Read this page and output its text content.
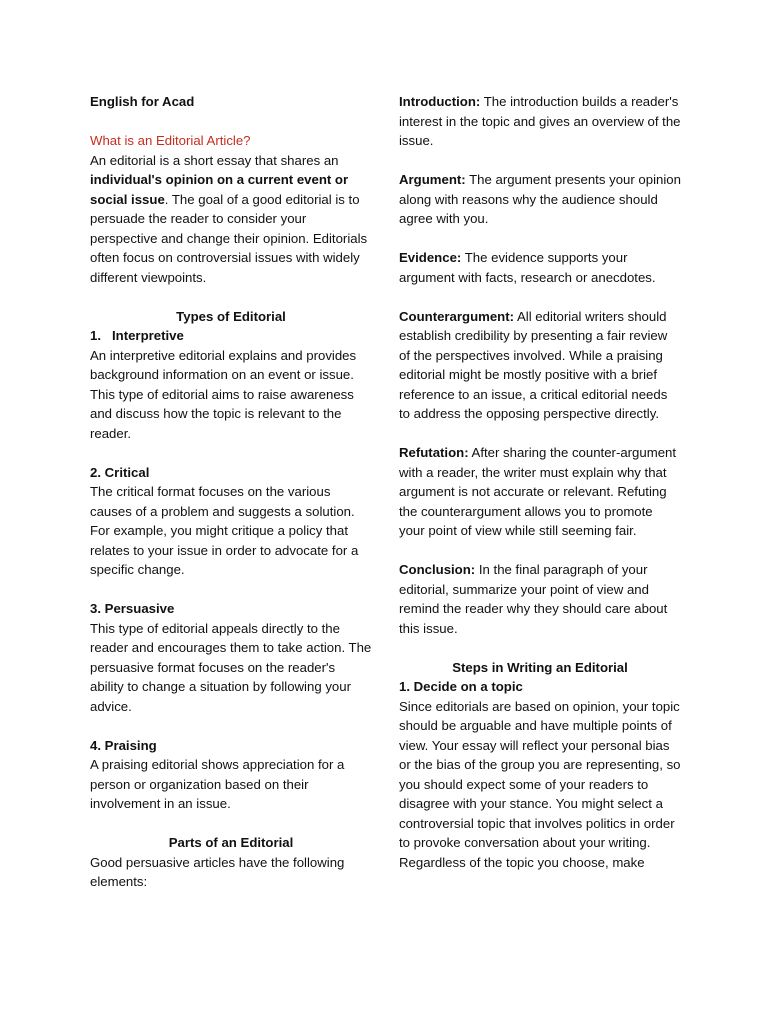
English for Acad

What is an Editorial Article?

An editorial is a short essay that shares an individual's opinion on a current event or social issue. The goal of a good editorial is to persuade the reader to consider your perspective and change their opinion. Editorials often focus on controversial issues with widely different viewpoints.

Types of Editorial

1.   Interpretive

An interpretive editorial explains and provides background information on an event or issue. This type of editorial aims to raise awareness and discuss how the topic is relevant to the reader.

2. Critical

The critical format focuses on the various causes of a problem and suggests a solution.

For example, you might critique a policy that relates to your issue in order to advocate for a specific change.

3. Persuasive

This type of editorial appeals directly to the reader and encourages them to take action. The persuasive format focuses on the reader's ability to change a situation by following your advice.

4. Praising

A praising editorial shows appreciation for a person or organization based on their involvement in an issue.

Parts of an Editorial

Good persuasive articles have the following elements:

Introduction: The introduction builds a reader's interest in the topic and gives an overview of the issue.

Argument: The argument presents your opinion along with reasons why the audience should agree with you.

Evidence: The evidence supports your argument with facts, research or anecdotes.

Counterargument: All editorial writers should establish credibility by presenting a fair review of the perspectives involved. While a praising editorial might be mostly positive with a brief reference to an issue, a critical editorial needs to address the opposing perspective directly.

Refutation: After sharing the counter-argument with a reader, the writer must explain why that argument is not accurate or relevant. Refuting the counterargument allows you to promote your point of view while still seeming fair.

Conclusion: In the final paragraph of your editorial, summarize your point of view and remind the reader why they should care about this issue.

Steps in Writing an Editorial

1. Decide on a topic

Since editorials are based on opinion, your topic should be arguable and have multiple points of view. Your essay will reflect your personal bias or the bias of the group you are representing, so you should expect some of your readers to disagree with your stance. You might select a controversial topic that involves politics in order to provoke conversation about your writing. Regardless of the topic you choose, make
